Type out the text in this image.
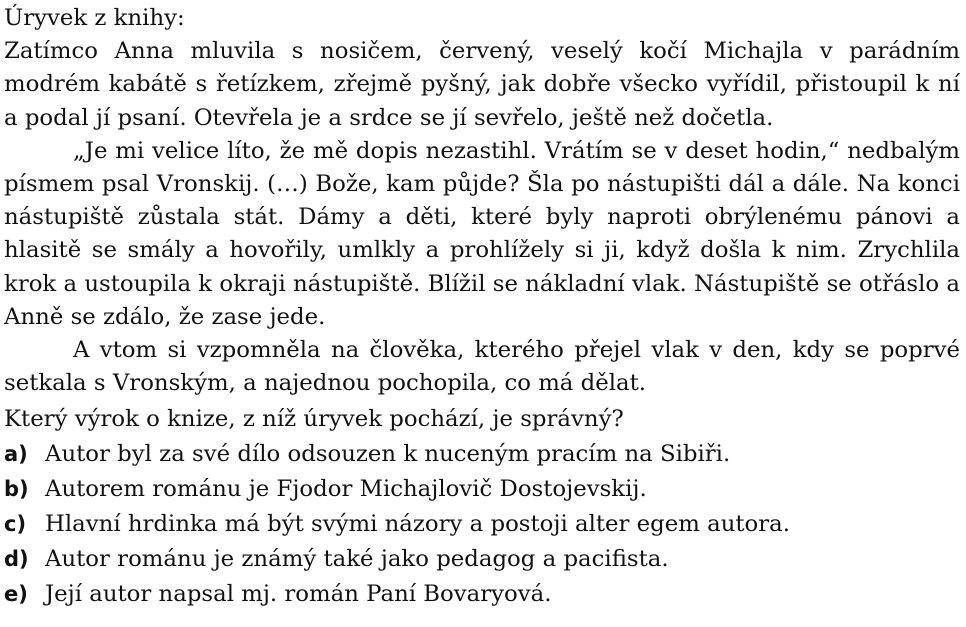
Úryvek z knihy:

Zatímco Anna mluvila s nosičem, červený, veselý kočí Michajla v parádním modrém kabátě s řetízkem, zřejmě pyšný, jak dobře všecko vyřídil, přistoupil k ní a podal jí psaní. Otevřela je a srdce se jí sevřelo, ještě než dočetla.

„Je mi velice líto, že mě dopis nezastihl. Vrátím se v deset hodin,“ nedbalým písmem psal Vronskij. (…) Bože, kam půjde? Šla po nástupišti dál a dále. Na konci nástupiště zůstala stát. Dámy a děti, které byly naproti obrýlenému pánovi a hlasitě se smály a hovořily, umlkly a prohlížely si ji, když došla k nim. Zrychlila krok a ustoupila k okraji nástupiště. Blížil se nákladní vlak. Nástupiště se otřáslo a Anně se zdálo, že zase jede.

A vtom si vzpomněla na člověka, kterého přejel vlak v den, kdy se poprvé setkala s Vronským, a najednou pochopila, co má dělat.

Který výrok o knize, z níž úryvek pochází, je správný?
a) Autor byl za své dílo odsouzen k nuceným pracím na Sibiři.
b) Autorem románu je Fjodor Michajlovič Dostojevskij.
c) Hlavní hrdinka má být svými názory a postoji alter egem autora.
d) Autor románu je známý také jako pedagog a pacifista.
e) Její autor napsal mj. román Paní Bovaryová.
